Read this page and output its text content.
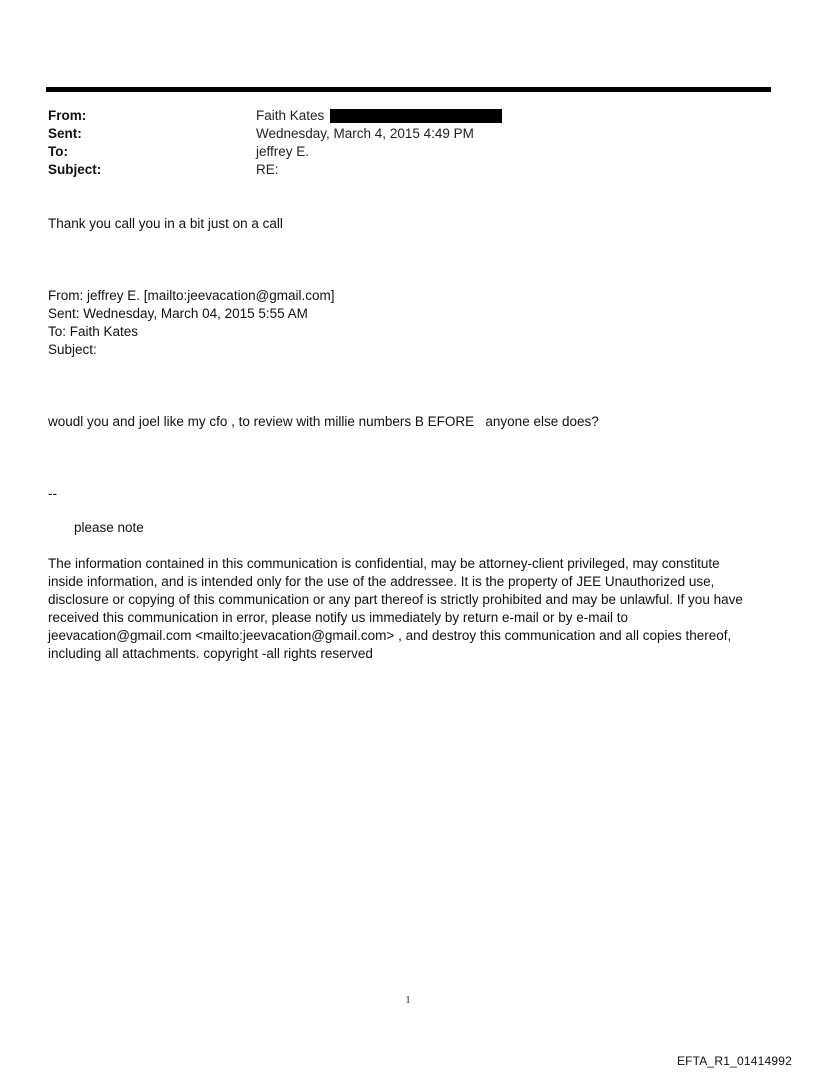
From:	Faith Kates
Sent:	Wednesday, March 4, 2015 4:49 PM
To:	jeffrey E.
Subject:	RE:
Thank you call you in a bit just on a call
From: jeffrey E. [mailto:jeevacation@gmail.com]
Sent: Wednesday, March 04, 2015 5:55 AM
To: Faith Kates
Subject:
woudl you and joel like my cfo , to review with millie numbers B EFORE   anyone else does?
--
please note
The information contained in this communication is confidential, may be attorney-client privileged, may constitute
inside information, and is intended only for the use of the addressee. It is the property of JEE Unauthorized use,
disclosure or copying of this communication or any part thereof is strictly prohibited and may be unlawful. If you have
received this communication in error, please notify us immediately by return e-mail or by e-mail to
jeevacation@gmail.com <mailto:jeevacation@gmail.com> , and destroy this communication and all copies thereof,
including all attachments. copyright -all rights reserved
1
EFTA_R1_01414992
